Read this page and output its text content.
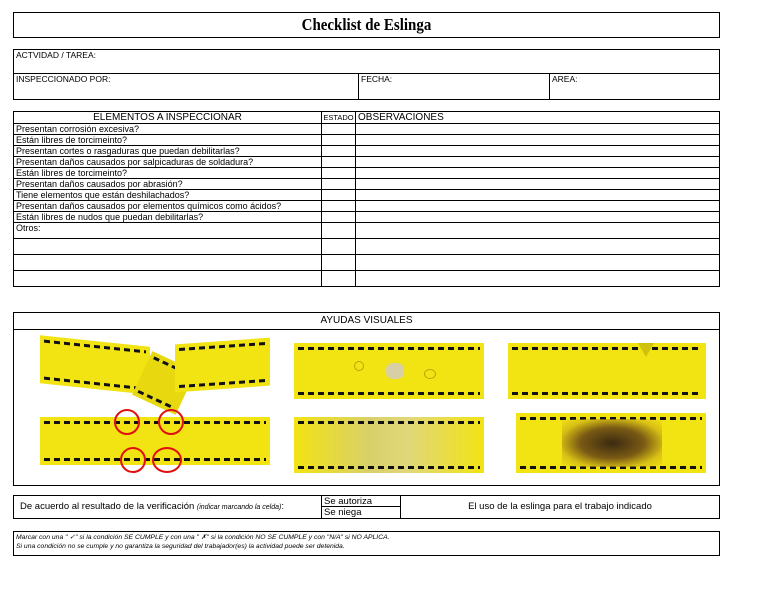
Checklist de Eslinga
ACTVIDAD / TAREA:
INSPECCIONADO POR:	FECHA:	AREA:
ELEMENTOS A INSPECCIONAR	ESTADO	OBSERVACIONES
Presentan corrosión excesiva?		
Están libres de torcimeinto?		
Presentan cortes o rasgaduras que puedan debilitarlas?		
Presentan daños causados por salpicaduras de soldadura?		
Están libres de torcimeinto?		
Presentan daños causados por abrasión?		
Tiene elementos que están deshilachados?		
Presentan daños causados por elementos químicos como ácidos?		
Están libres de nudos que puedan debilitarlas?		
Otros:		

AYUDAS VISUALES
De acuerdo al resultado de la verificación (indicar marcando la celda):	Se autoriza
Se niega
El uso de la eslinga para el trabajo indicado
Marcar con una " ✓" si la condición SE CUMPLE y con una " ✗" si la condición NO SE CUMPLE y con "N/A" si NO APLICA.
Si una condición no se cumple y no garantiza la seguridad del trabajador(es) la actividad puede ser detenida.
